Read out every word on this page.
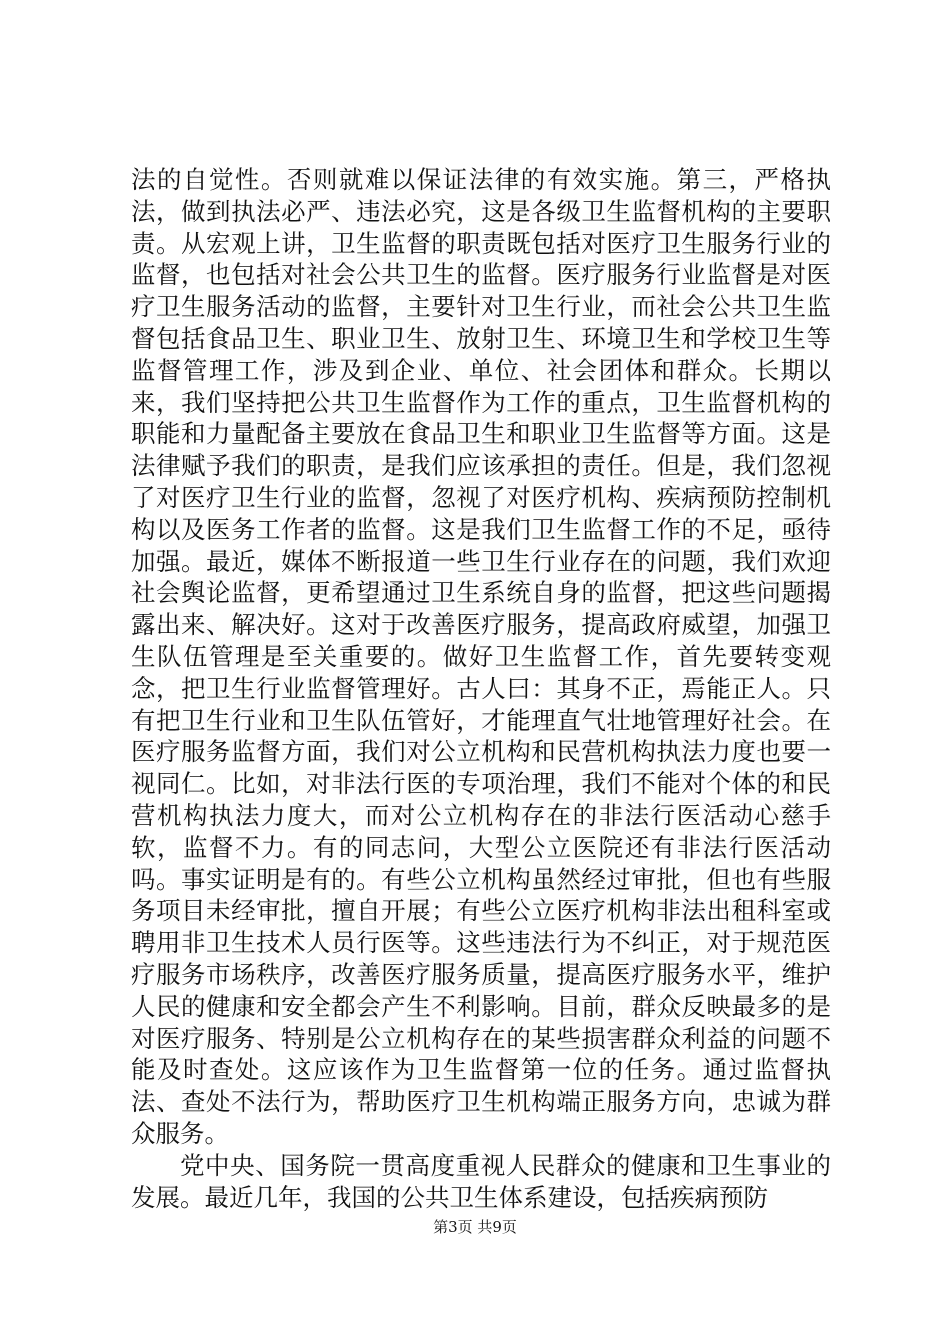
法的自觉性。否则就难以保证法律的有效实施。第三，严格执法，做到执法必严、违法必究，这是各级卫生监督机构的主要职责。从宏观上讲，卫生监督的职责既包括对医疗卫生服务行业的监督，也包括对社会公共卫生的监督。医疗服务行业监督是对医疗卫生服务活动的监督，主要针对卫生行业，而社会公共卫生监督包括食品卫生、职业卫生、放射卫生、环境卫生和学校卫生等监督管理工作，涉及到企业、单位、社会团体和群众。长期以来，我们坚持把公共卫生监督作为工作的重点，卫生监督机构的职能和力量配备主要放在食品卫生和职业卫生监督等方面。这是法律赋予我们的职责，是我们应该承担的责任。但是，我们忽视了对医疗卫生行业的监督，忽视了对医疗机构、疾病预防控制机构以及医务工作者的监督。这是我们卫生监督工作的不足，亟待加强。最近，媒体不断报道一些卫生行业存在的问题，我们欢迎社会舆论监督，更希望通过卫生系统自身的监督，把这些问题揭露出来、解决好。这对于改善医疗服务，提高政府威望，加强卫生队伍管理是至关重要的。做好卫生监督工作，首先要转变观念，把卫生行业监督管理好。古人曰：其身不正，焉能正人。只有把卫生行业和卫生队伍管好，才能理直气壮地管理好社会。在医疗服务监督方面，我们对公立机构和民营机构执法力度也要一视同仁。比如，对非法行医的专项治理，我们不能对个体的和民营机构执法力度大，而对公立机构存在的非法行医活动心慈手软，监督不力。有的同志问，大型公立医院还有非法行医活动吗。事实证明是有的。有些公立机构虽然经过审批，但也有些服务项目未经审批，擅自开展；有些公立医疗机构非法出租科室或聘用非卫生技术人员行医等。这些违法行为不纠正，对于规范医疗服务市场秩序，改善医疗服务质量，提高医疗服务水平，维护人民的健康和安全都会产生不利影响。目前，群众反映最多的是对医疗服务、特别是公立机构存在的某些损害群众利益的问题不能及时查处。这应该作为卫生监督第一位的任务。通过监督执法、查处不法行为，帮助医疗卫生机构端正服务方向，忠诚为群众服务。

党中央、国务院一贯高度重视人民群众的健康和卫生事业的发展。最近几年，我国的公共卫生体系建设，包括疾病预防

第3页 共9页
